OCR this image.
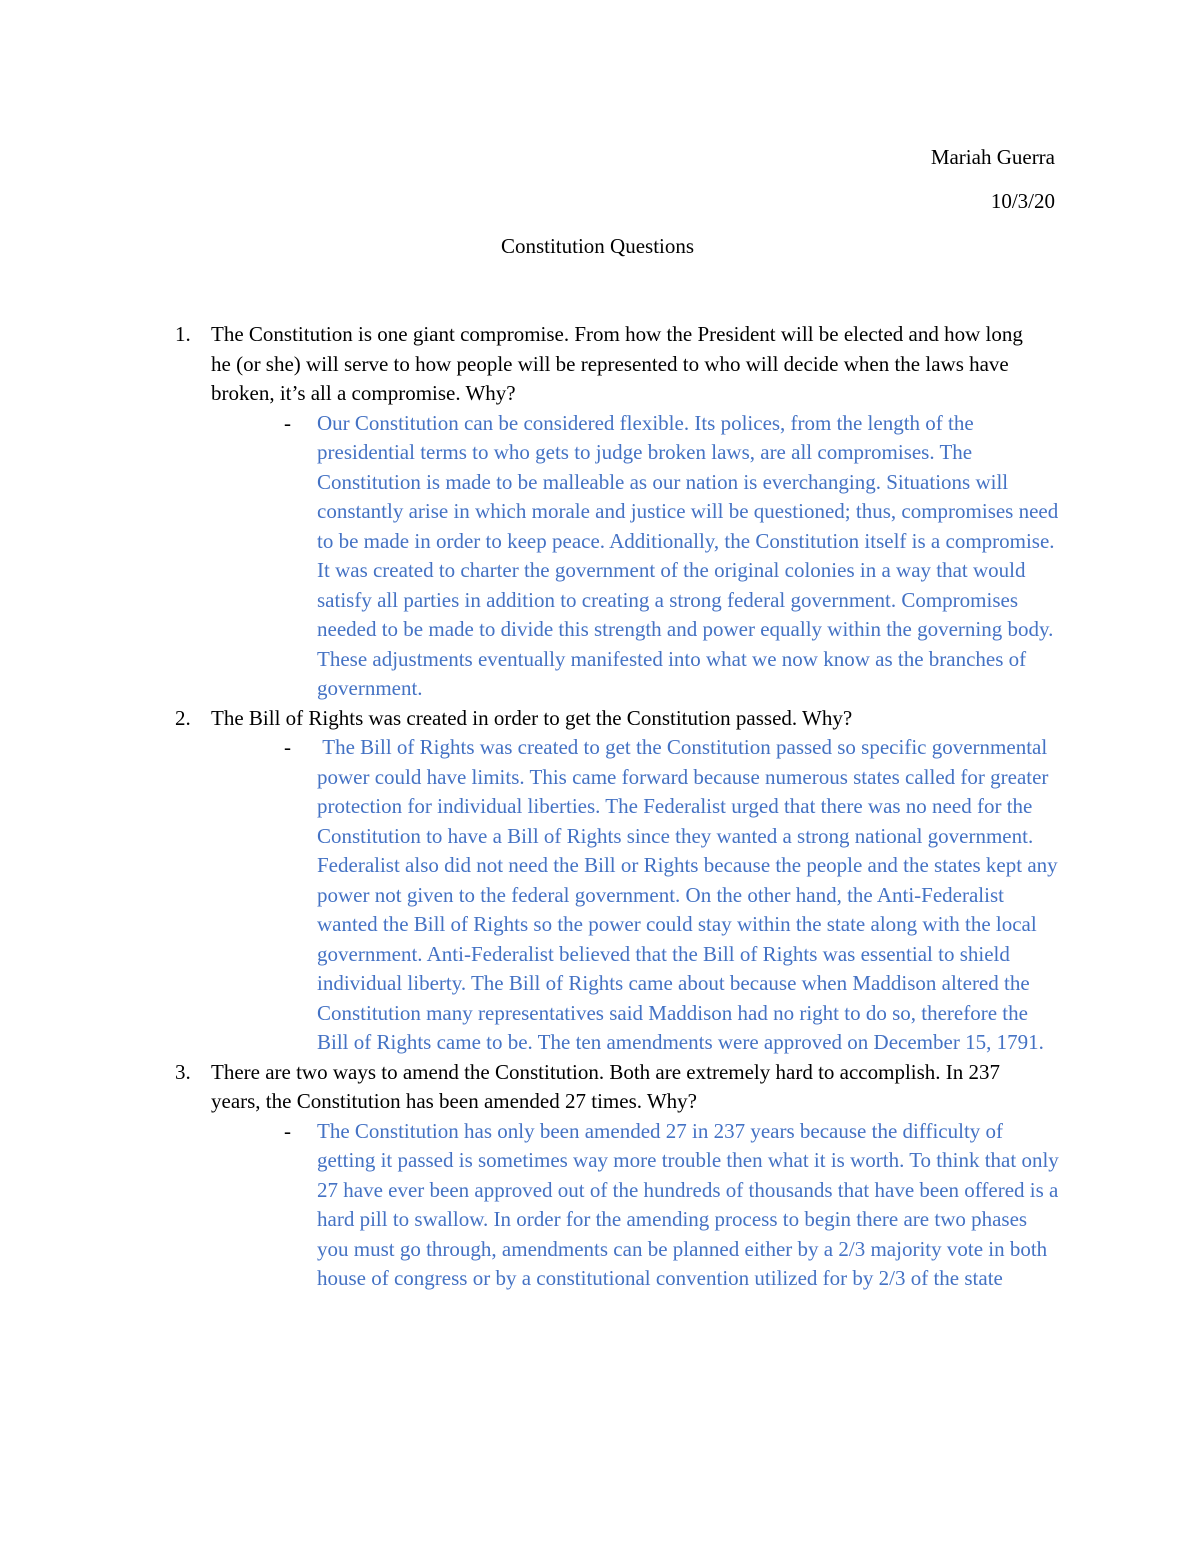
Mariah Guerra
10/3/20
Constitution Questions
1. The Constitution is one giant compromise. From how the President will be elected and how long he (or she) will serve to how people will be represented to who will decide when the laws have broken, it’s all a compromise. Why?
- Our Constitution can be considered flexible. Its polices, from the length of the presidential terms to who gets to judge broken laws, are all compromises. The Constitution is made to be malleable as our nation is everchanging. Situations will constantly arise in which morale and justice will be questioned; thus, compromises need to be made in order to keep peace. Additionally, the Constitution itself is a compromise. It was created to charter the government of the original colonies in a way that would satisfy all parties in addition to creating a strong federal government. Compromises needed to be made to divide this strength and power equally within the governing body. These adjustments eventually manifested into what we now know as the branches of government.
2. The Bill of Rights was created in order to get the Constitution passed. Why?
- The Bill of Rights was created to get the Constitution passed so specific governmental power could have limits. This came forward because numerous states called for greater protection for individual liberties. The Federalist urged that there was no need for the Constitution to have a Bill of Rights since they wanted a strong national government. Federalist also did not need the Bill or Rights because the people and the states kept any power not given to the federal government. On the other hand, the Anti-Federalist wanted the Bill of Rights so the power could stay within the state along with the local government. Anti-Federalist believed that the Bill of Rights was essential to shield individual liberty. The Bill of Rights came about because when Maddison altered the Constitution many representatives said Maddison had no right to do so, therefore the Bill of Rights came to be. The ten amendments were approved on December 15, 1791.
3. There are two ways to amend the Constitution. Both are extremely hard to accomplish. In 237 years, the Constitution has been amended 27 times. Why?
- The Constitution has only been amended 27 in 237 years because the difficulty of getting it passed is sometimes way more trouble then what it is worth. To think that only 27 have ever been approved out of the hundreds of thousands that have been offered is a hard pill to swallow. In order for the amending process to begin there are two phases you must go through, amendments can be planned either by a 2/3 majority vote in both house of congress or by a constitutional convention utilized for by 2/3 of the state
